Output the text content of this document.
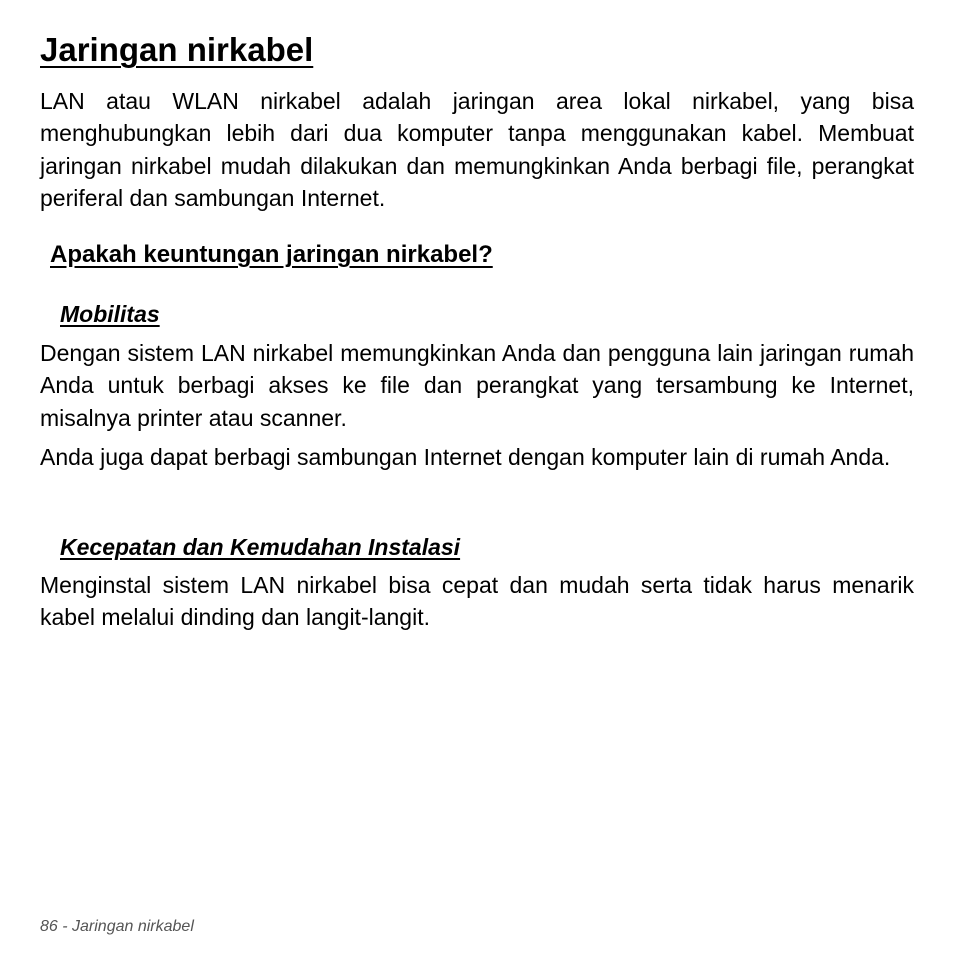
Jaringan nirkabel

LAN atau WLAN nirkabel adalah jaringan area lokal nirkabel, yang bisa menghubungkan lebih dari dua komputer tanpa menggunakan kabel. Membuat jaringan nirkabel mudah dilakukan dan memungkinkan Anda berbagi file, perangkat periferal dan sambungan Internet.

Apakah keuntungan jaringan nirkabel?
Mobilitas

Dengan sistem LAN nirkabel memungkinkan Anda dan pengguna lain jaringan rumah Anda untuk berbagi akses ke file dan perangkat yang tersambung ke Internet, misalnya printer atau scanner.

Anda juga dapat berbagi sambungan Internet dengan komputer lain di rumah Anda.

Kecepatan dan Kemudahan Instalasi

Menginstal sistem LAN nirkabel bisa cepat dan mudah serta tidak harus menarik kabel melalui dinding dan langit-langit.

86 - Jaringan nirkabel
